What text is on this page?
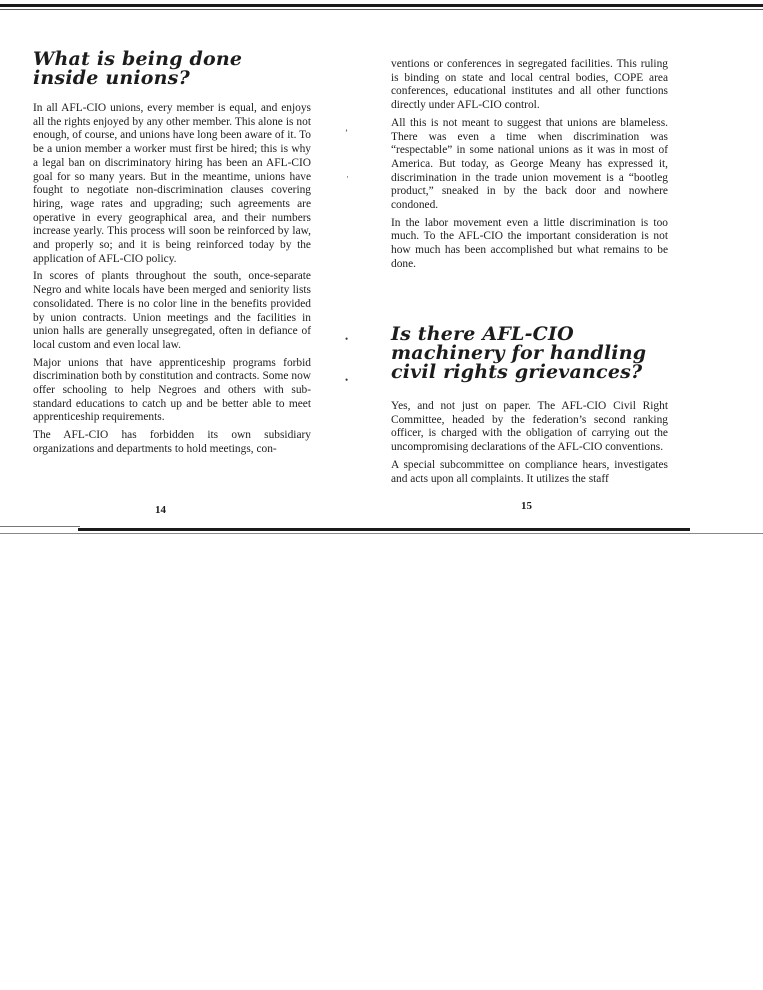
What is being done
inside unions?

In all AFL-CIO unions, every member is equal, and enjoys all the rights enjoyed by any other member. This alone is not enough, of course, and unions have long been aware of it. To be a union member a worker must first be hired; this is why a legal ban on discriminatory hiring has been an AFL-CIO goal for so many years. But in the meantime, unions have fought to negotiate non-discrimination clauses covering hiring, wage rates and upgrading; such agreements are operative in every geographical area, and their numbers increase yearly. This process will soon be reinforced by law, and properly so; and it is being reinforced today by the application of AFL-CIO policy.

In scores of plants throughout the south, once-separate Negro and white locals have been merged and seniority lists consolidated. There is no color line in the benefits provided by union contracts. Union meetings and the facilities in union halls are generally unsegregated, often in defiance of local custom and even local law.

Major unions that have apprenticeship programs forbid discrimination both by constitution and contracts. Some now offer schooling to help Negroes and others with sub-standard educations to catch up and be better able to meet apprenticeship requirements.

The AFL-CIO has forbidden its own subsidiary organizations and departments to hold meetings, con-

ventions or conferences in segregated facilities. This ruling is binding on state and local central bodies, COPE area conferences, educational institutes and all other functions directly under AFL-CIO control.

All this is not meant to suggest that unions are blameless. There was even a time when discrimination was “respectable” in some national unions as it was in most of America. But today, as George Meany has expressed it, discrimination in the trade union movement is a “bootleg product,” sneaked in by the back door and nowhere condoned.

In the labor movement even a little discrimination is too much. To the AFL-CIO the important consideration is not how much has been accomplished but what remains to be done.

Is there AFL-CIO
machinery for handling
civil rights grievances?

Yes, and not just on paper. The AFL-CIO Civil Right Committee, headed by the federation’s second ranking officer, is charged with the obligation of carrying out the uncompromising declarations of the AFL-CIO conventions.

A special subcommittee on compliance hears, investigates and acts upon all complaints. It utilizes the staff

14	15
’
·
•
•
